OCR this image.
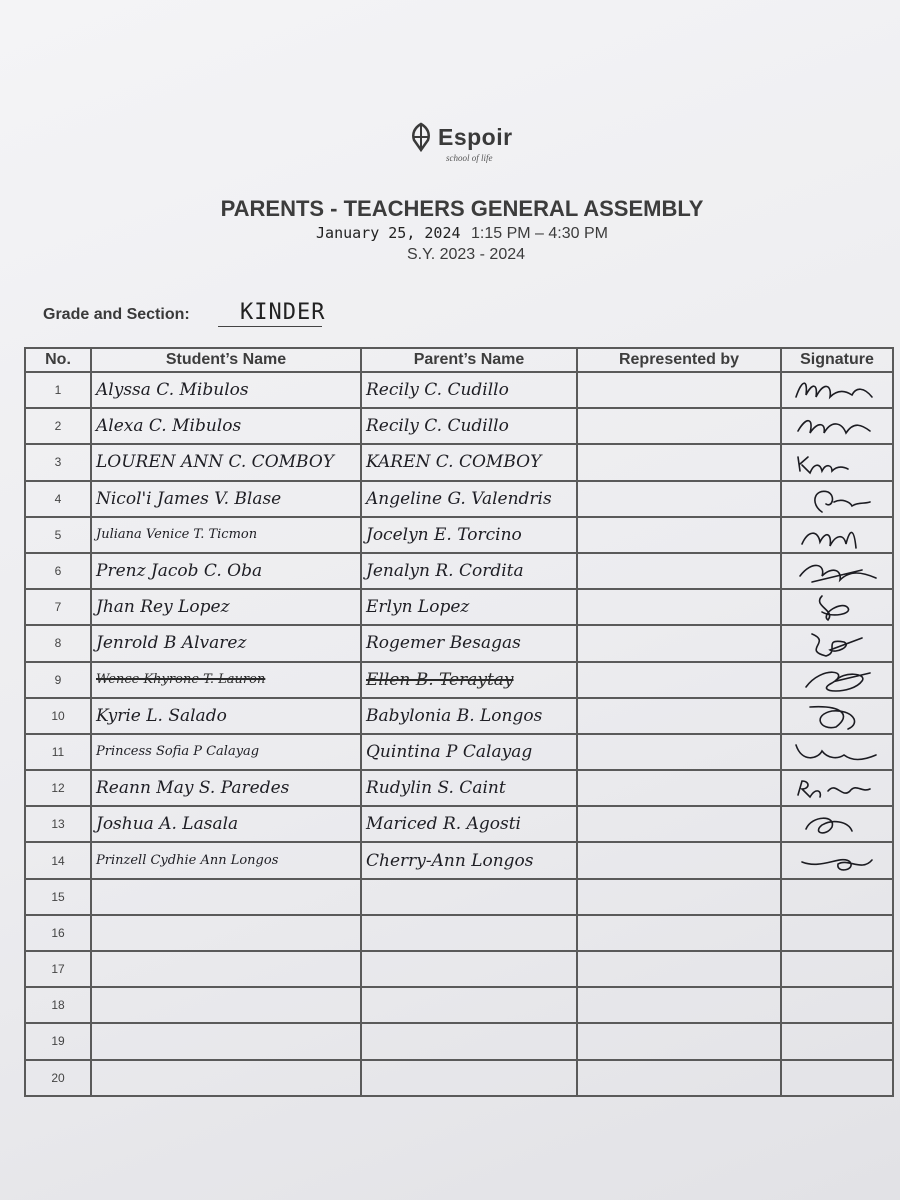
Espoir
school of life
PARENTS - TEACHERS GENERAL ASSEMBLY
January 25, 2024 1:15 PM – 4:30 PM
S.Y. 2023 - 2024
Grade and Section: KINDER
No.	Student’s Name	Parent’s Name	Represented by	Signature
1	Alyssa C. Mibulos	Recily C. Cudillo		

2	Alexa C. Mibulos	Recily C. Cudillo		

3	LOUREN ANN C. COMBOY	KAREN C. COMBOY		

4	Nicol'i James V. Blase	Angeline G. Valendris		

5	Juliana Venice T. Ticmon	Jocelyn E. Torcino		

6	Prenz Jacob C. Oba	Jenalyn R. Cordita		

7	Jhan Rey Lopez	Erlyn Lopez		

8	Jenrold B Alvarez	Rogemer Besagas		

9	Wence Khyrone T. Lauron	Ellen B. Teraytay		

10	Kyrie L. Salado	Babylonia B. Longos		

11	Princess Sofia P Calayag	Quintina P Calayag		

12	Reann May S. Paredes	Rudylin S. Caint		

13	Joshua A. Lasala	Mariced R. Agosti		

14	Prinzell Cydhie Ann Longos	Cherry-Ann Longos		

15				
16				
17				
18				
19				
20				
